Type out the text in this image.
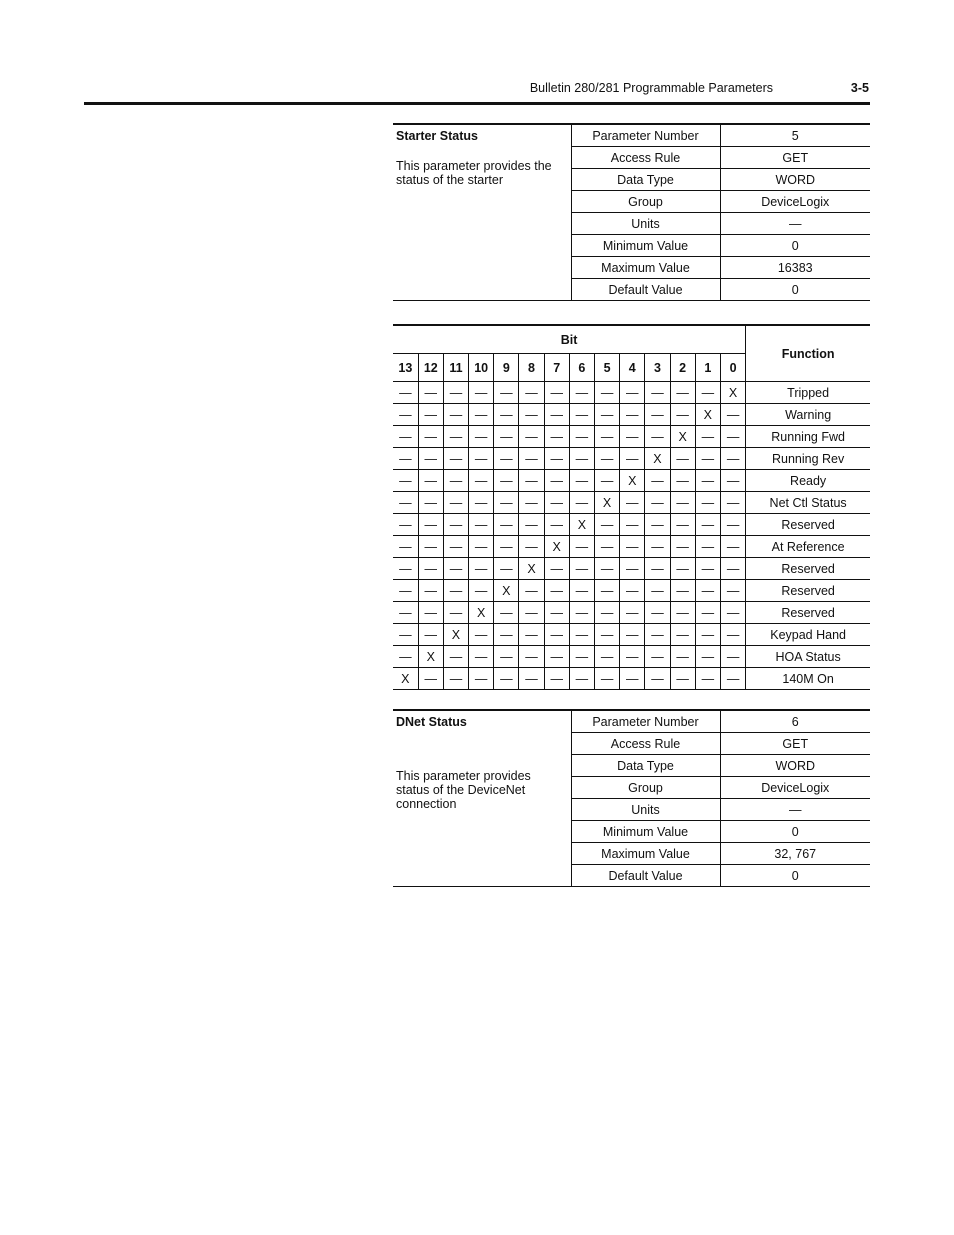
Bulletin 280/281 Programmable Parameters	3-5
Starter Status
This parameter provides the status of the starter	Parameter Number	5
	Access Rule	GET
	Data Type	WORD
	Group	DeviceLogix
	Units	—
	Minimum Value	0
	Maximum Value	16383
	Default Value	0
Bit														Function
13	12	11	10	9	8	7	6	5	4	3	2	1	0	
—	—	—	—	—	—	—	—	—	—	—	—	—	X	Tripped
—	—	—	—	—	—	—	—	—	—	—	—	X	—	Warning
—	—	—	—	—	—	—	—	—	—	—	X	—	—	Running Fwd
—	—	—	—	—	—	—	—	—	—	X	—	—	—	Running Rev
—	—	—	—	—	—	—	—	—	X	—	—	—	—	Ready
—	—	—	—	—	—	—	—	X	—	—	—	—	—	Net Ctl Status
—	—	—	—	—	—	—	X	—	—	—	—	—	—	Reserved
—	—	—	—	—	—	X	—	—	—	—	—	—	—	At Reference
—	—	—	—	—	X	—	—	—	—	—	—	—	—	Reserved
—	—	—	—	X	—	—	—	—	—	—	—	—	—	Reserved
—	—	—	X	—	—	—	—	—	—	—	—	—	—	Reserved
—	—	X	—	—	—	—	—	—	—	—	—	—	—	Keypad Hand
—	X	—	—	—	—	—	—	—	—	—	—	—	—	HOA Status
X	—	—	—	—	—	—	—	—	—	—	—	—	—	140M On
DNet Status
This parameter provides status of the DeviceNet connection	Parameter Number	6
	Access Rule	GET
	Data Type	WORD
	Group	DeviceLogix
	Units	—
	Minimum Value	0
	Maximum Value	32, 767
	Default Value	0
